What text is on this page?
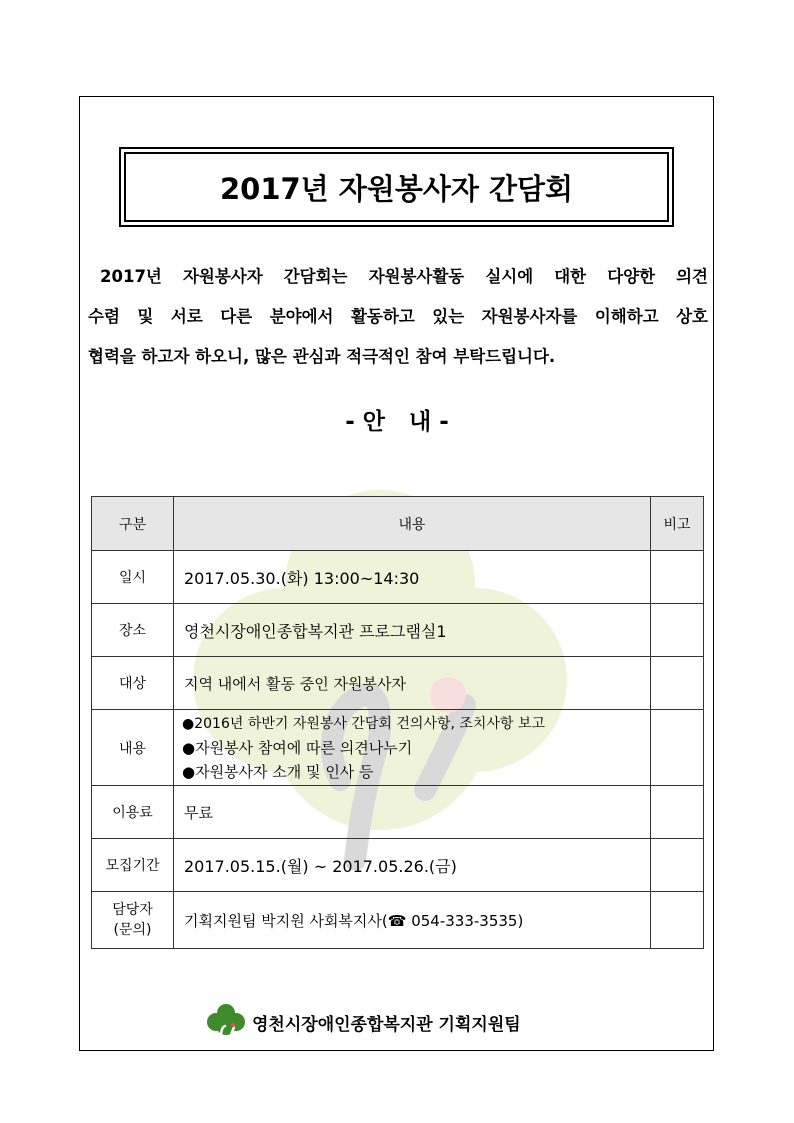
2017년 자원봉사자 간담회
2017년 자원봉사자 간담회는 자원봉사활동 실시에 대한 다양한 의견
수렴 및 서로 다른 분야에서 활동하고 있는 자원봉사자를 이해하고 상호
협력을 하고자 하오니, 많은 관심과 적극적인 참여 부탁드립니다.
- 안   내 -
구분	내용	비고
일시	2017.05.30.(화) 13:00~14:30	
장소	영천시장애인종합복지관 프로그램실1	
대상	지역 내에서 활동 중인 자원봉사자	
내용	●2016년 하반기 자원봉사 간담회 건의사항, 조치사항 보고
●자원봉사 참여에 따른 의견나누기
●자원봉사자 소개 및 인사 등	

이용료	무료	
모집기간	2017.05.15.(월) ~ 2017.05.26.(금)	

담당자
(문의)	기획지원팀 박지원 사회복지사(☎ 054-333-3535)	
영천시장애인종합복지관 기획지원팀
